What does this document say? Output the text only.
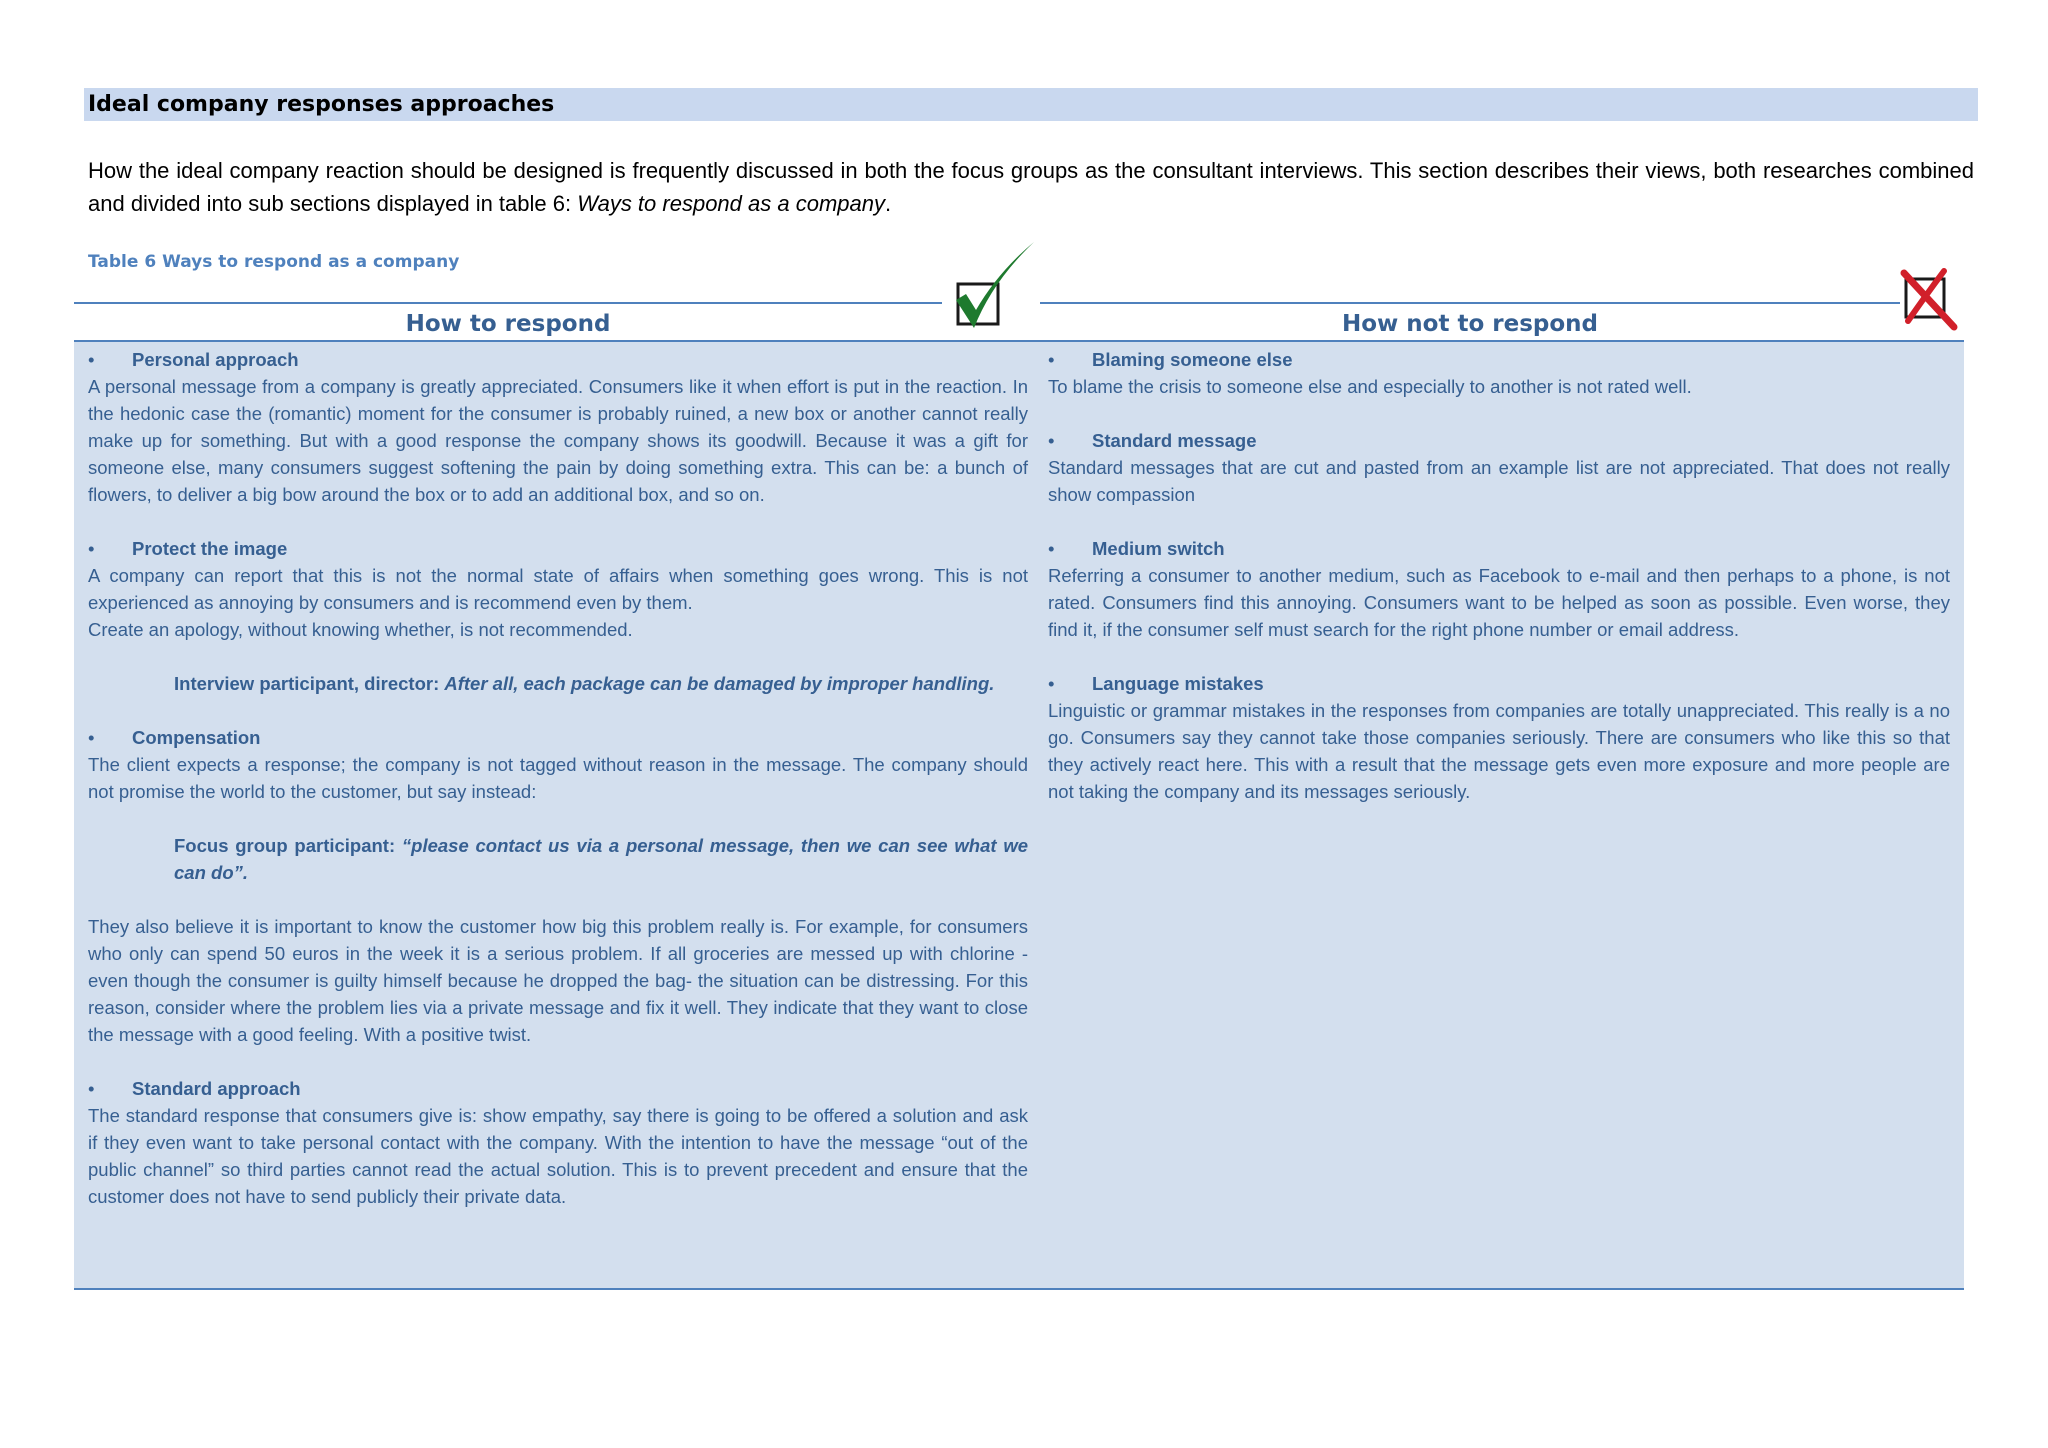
Ideal company responses approaches

How the ideal company reaction should be designed is frequently discussed in both the focus groups as the consultant interviews. This section describes their views, both researches combined and divided into sub sections displayed in table 6: Ways to respond as a company.

Table 6 Ways to respond as a company
How to respond	How not to respond

• Personal approach

A personal message from a company is greatly appreciated. Consumers like it when effort is put in the reaction. In the hedonic case the (romantic) moment for the consumer is probably ruined, a new box or another cannot really make up for something. But with a good response the company shows its goodwill. Because it was a gift for someone else, many consumers suggest softening the pain by doing something extra. This can be: a bunch of flowers, to deliver a big bow around the box or to add an additional box, and so on.

• Protect the image

A company can report that this is not the normal state of affairs when something goes wrong. This is not experienced as annoying by consumers and is recommend even by them.

Create an apology, without knowing whether, is not recommended.

Interview participant, director: After all, each package can be damaged by improper handling.

• Compensation

The client expects a response; the company is not tagged without reason in the message. The company should not promise the world to the customer, but say instead:

Focus group participant: “please contact us via a personal message, then we can see what we can do”.

They also believe it is important to know the customer how big this problem really is. For example, for consumers who only can spend 50 euros in the week it is a serious problem. If all groceries are messed up with chlorine - even though the consumer is guilty himself because he dropped the bag- the situation can be distressing. For this reason, consider where the problem lies via a private message and fix it well. They indicate that they want to close the message with a good feeling. With a positive twist.

• Standard approach

The standard response that consumers give is: show empathy, say there is going to be offered a solution and ask if they even want to take personal contact with the company. With the intention to have the message “out of the public channel” so third parties cannot read the actual solution. This is to prevent precedent and ensure that the customer does not have to send publicly their private data.

• Blaming someone else

To blame the crisis to someone else and especially to another is not rated well.

• Standard message

Standard messages that are cut and pasted from an example list are not appreciated. That does not really show compassion

• Medium switch

Referring a consumer to another medium, such as Facebook to e-mail and then perhaps to a phone, is not rated. Consumers find this annoying. Consumers want to be helped as soon as possible. Even worse, they find it, if the consumer self must search for the right phone number or email address.

• Language mistakes

Linguistic or grammar mistakes in the responses from companies are totally unappreciated. This really is a no go. Consumers say they cannot take those companies seriously. There are consumers who like this so that they actively react here. This with a result that the message gets even more exposure and more people are not taking the company and its messages seriously.
